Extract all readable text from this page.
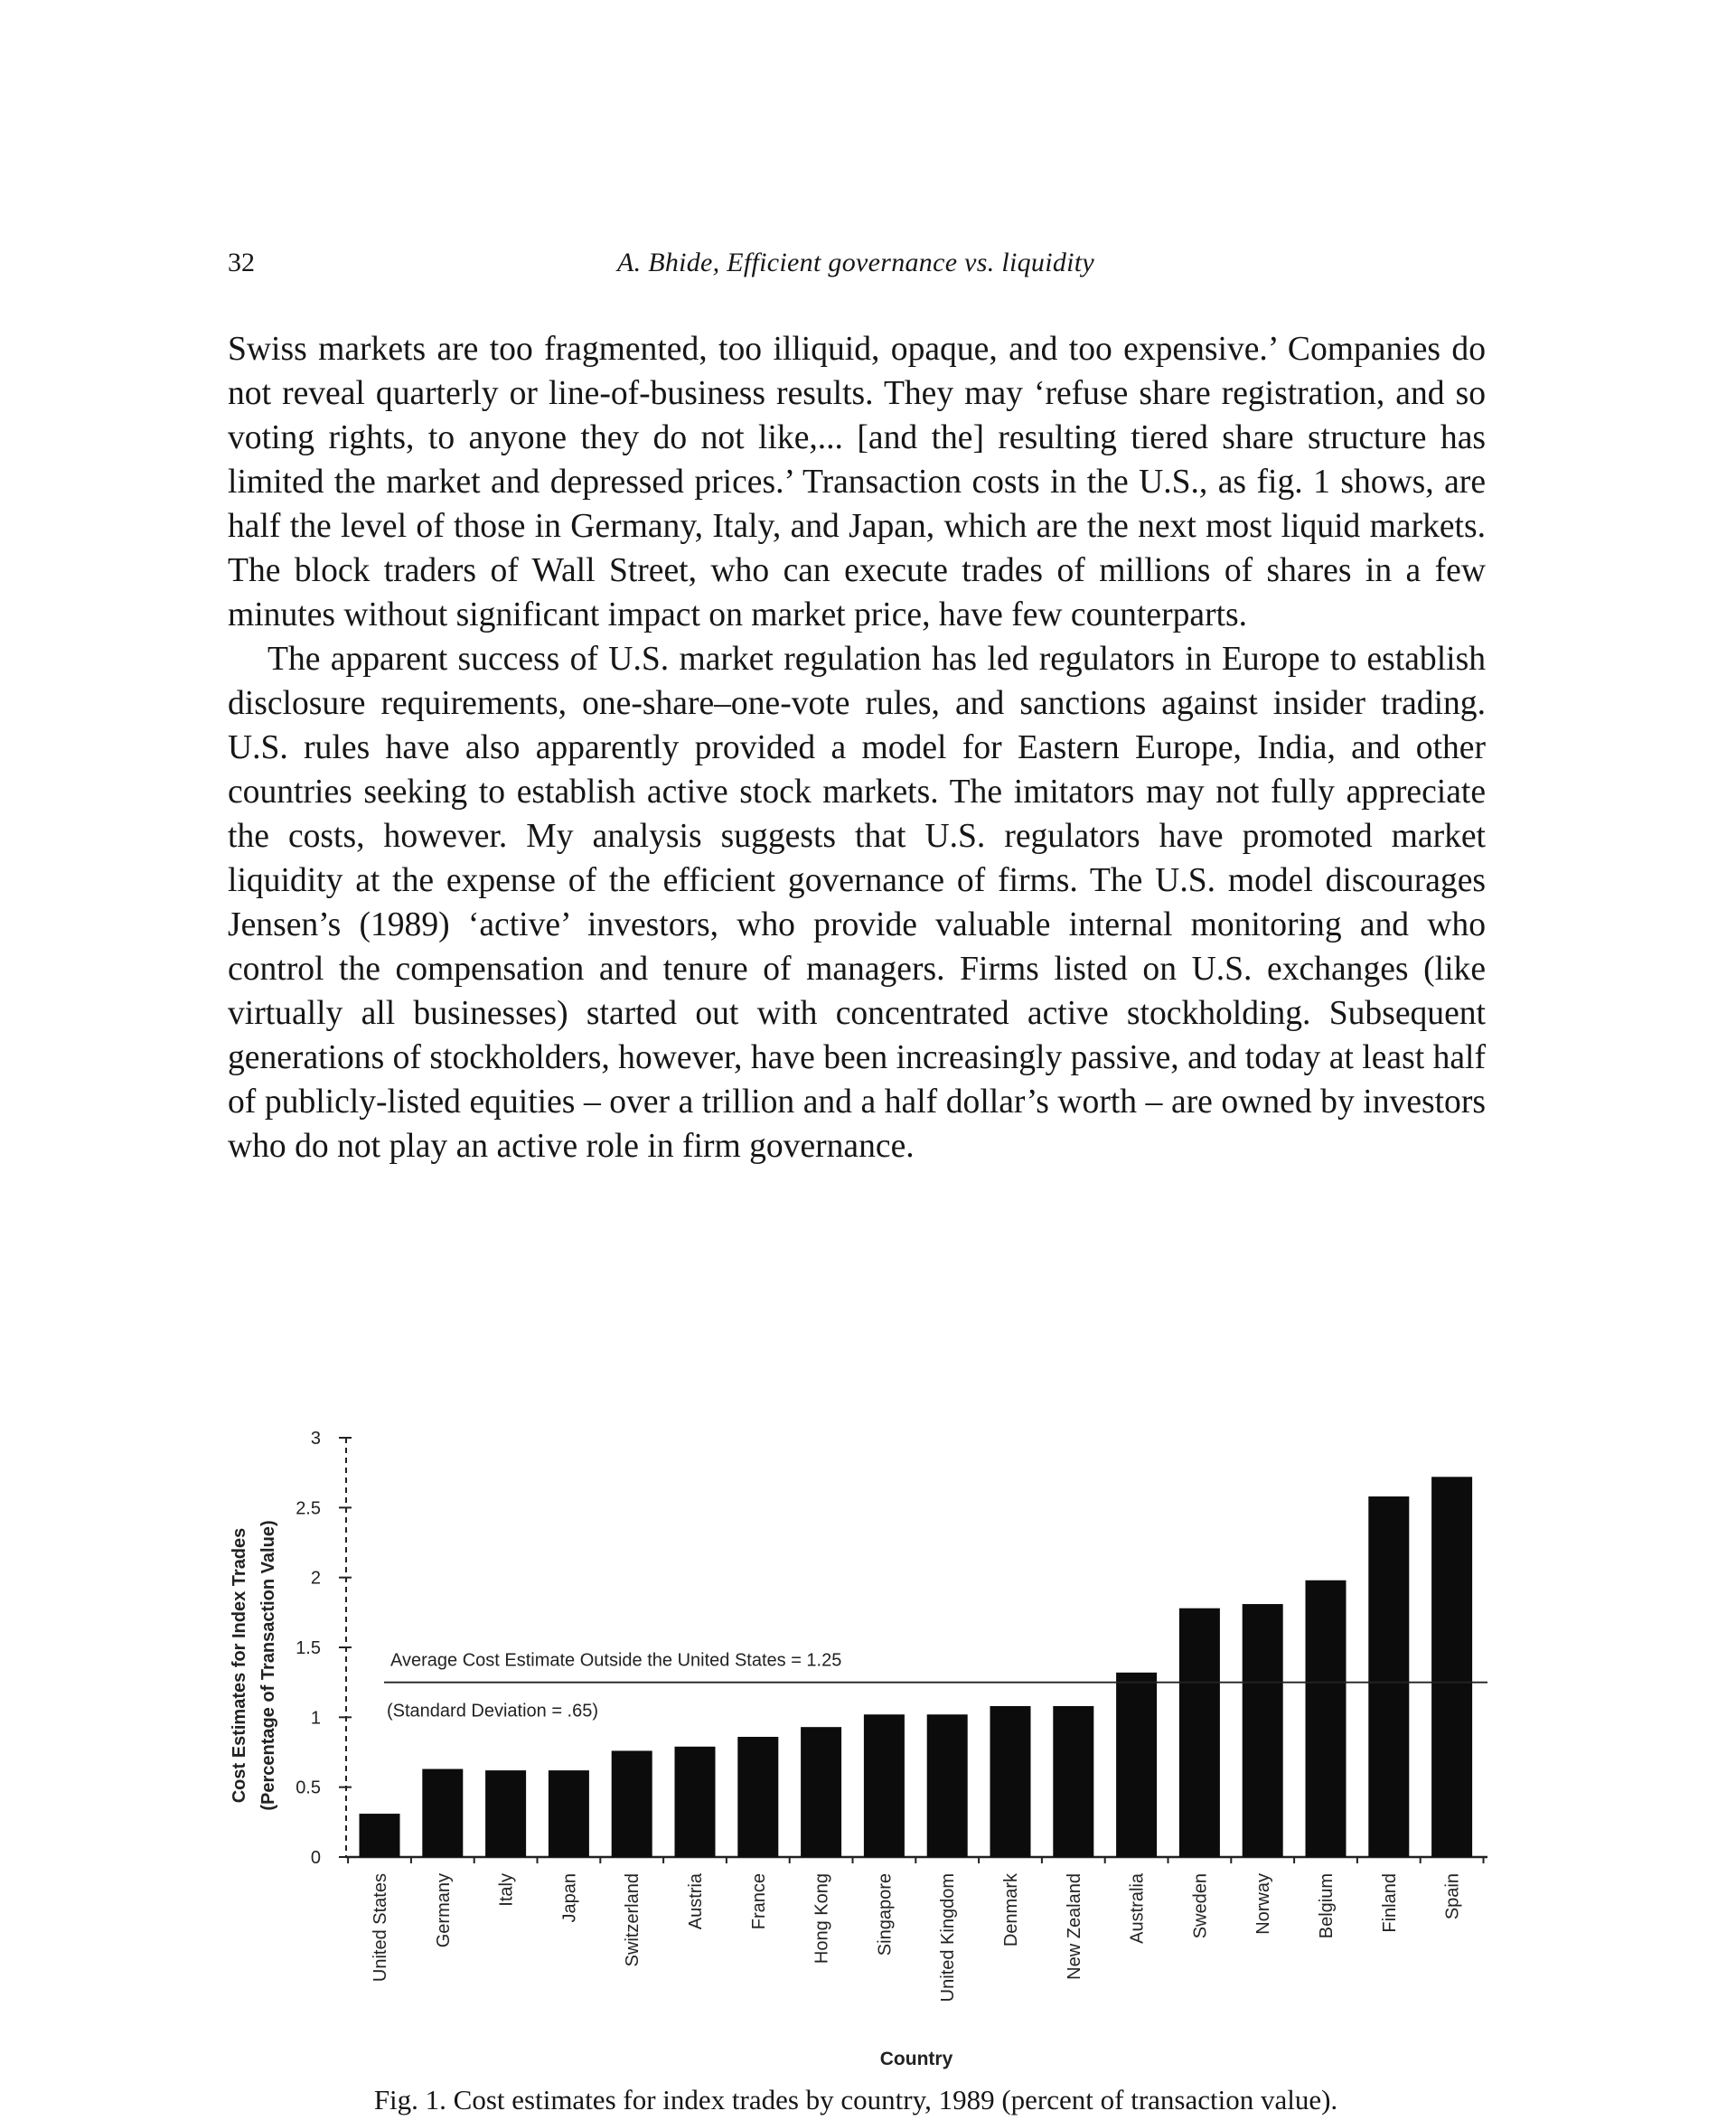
32	A. Bhide, Efficient governance vs. liquidity

Swiss markets are too fragmented, too illiquid, opaque, and too expensive.’ Companies do not reveal quarterly or line-of-business results. They may ‘refuse share registration, and so voting rights, to anyone they do not like,... [and the] resulting tiered share structure has limited the market and depressed prices.’ Transaction costs in the U.S., as fig. 1 shows, are half the level of those in Germany, Italy, and Japan, which are the next most liquid markets. The block traders of Wall Street, who can execute trades of millions of shares in a few minutes without significant impact on market price, have few counterparts.

The apparent success of U.S. market regulation has led regulators in Europe to establish disclosure requirements, one-share–one-vote rules, and sanctions against insider trading. U.S. rules have also apparently provided a model for Eastern Europe, India, and other countries seeking to establish active stock markets. The imitators may not fully appreciate the costs, however. My analysis suggests that U.S. regulators have promoted market liquidity at the expense of the efficient governance of firms. The U.S. model discourages Jensen’s (1989) ‘active’ investors, who provide valuable internal monitoring and who control the compensation and tenure of managers. Firms listed on U.S. exchanges (like virtually all businesses) started out with concentrated active stockholding. Subsequent generations of stockholders, however, have been increasingly passive, and today at least half of publicly-listed equities – over a trillion and a half dollar’s worth – are owned by investors who do not play an active role in firm governance.

0
0.5
1
1.5
2
2.5
3
United States Germany Italy Japan Switzerland Austria France Hong Kong Singapore United Kingdom Denmark New Zealand Australia Sweden Norway Belgium Finland Spain
Average Cost Estimate Outside the United States = 1.25
(Standard Deviation = .65)
Cost Estimates for Index Trades (Percentage of Transaction Value)
Country
Fig. 1. Cost estimates for index trades by country, 1989 (percent of transaction value).
